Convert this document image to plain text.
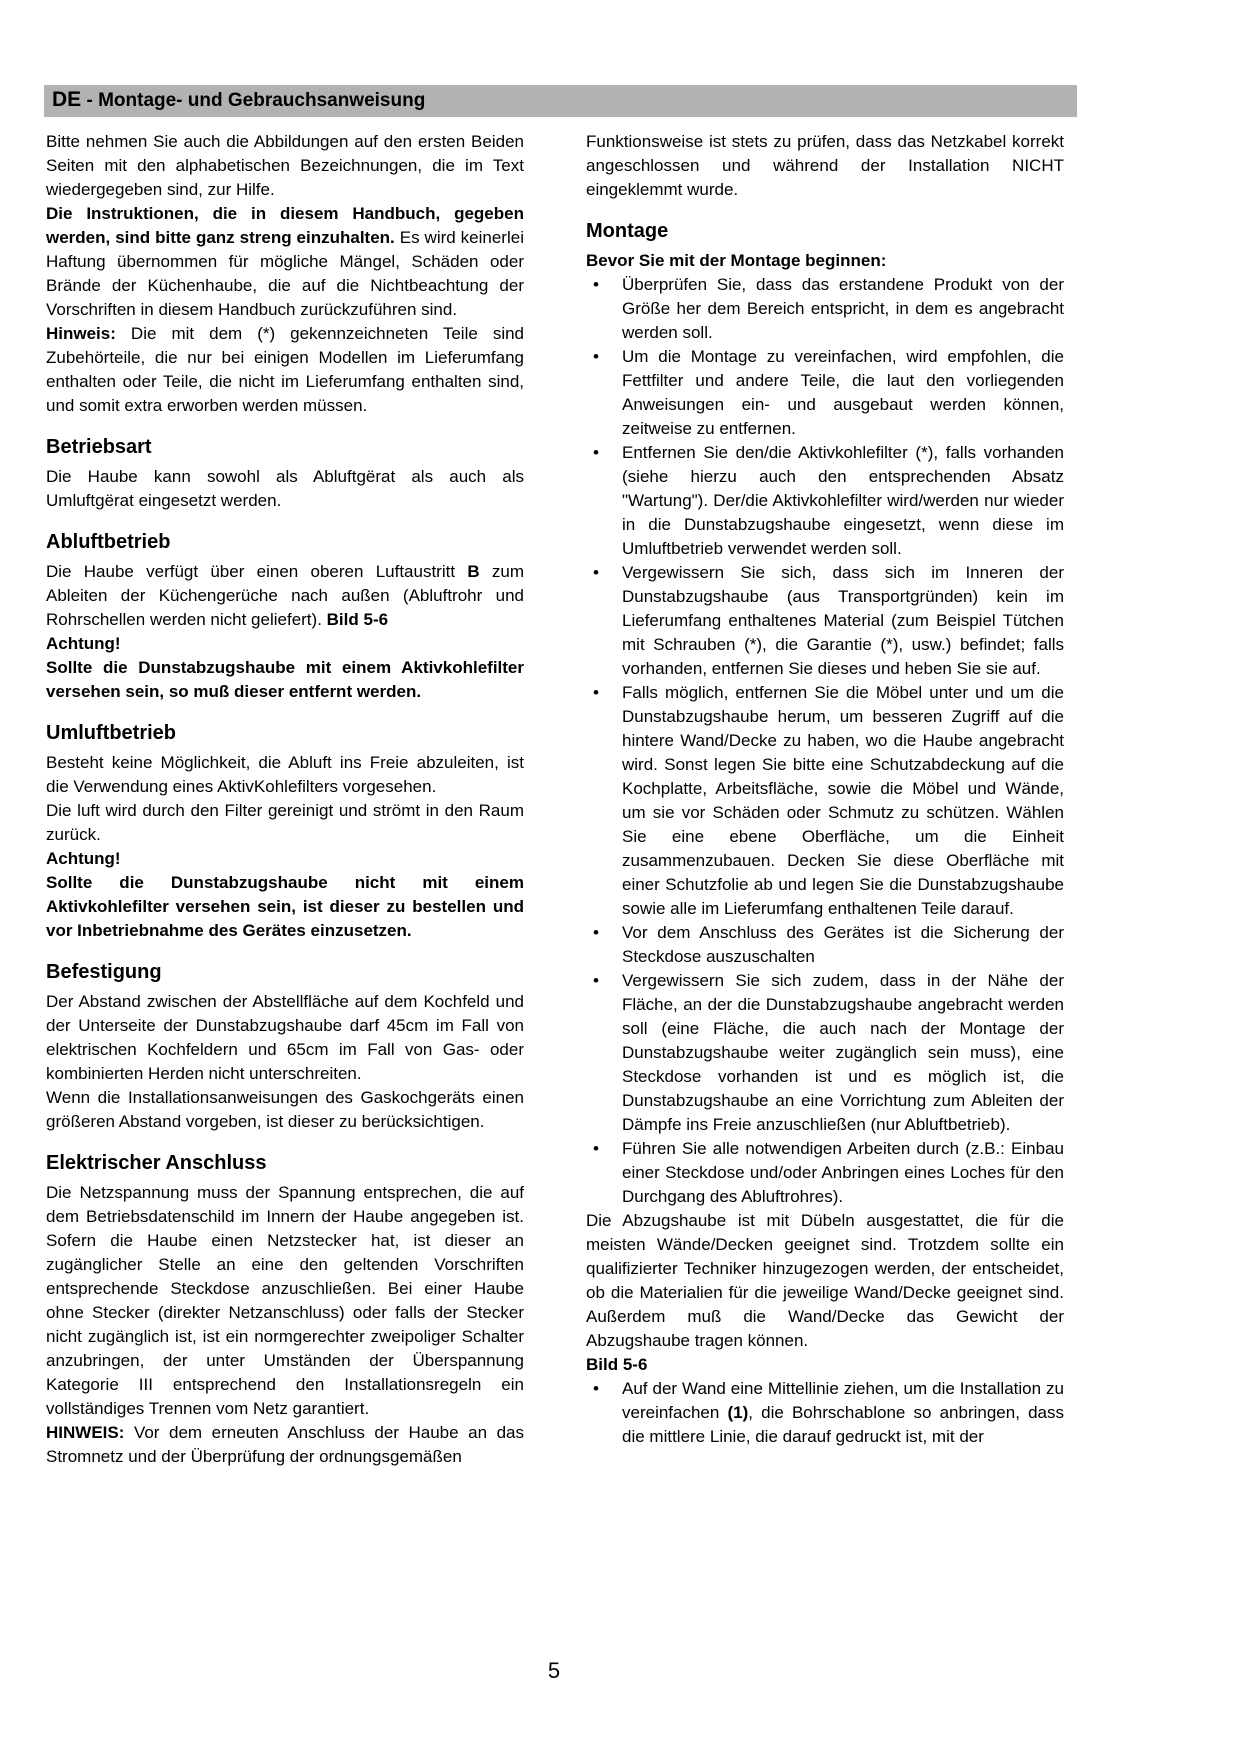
DE - Montage- und Gebrauchsanweisung

Bitte nehmen Sie auch die Abbildungen auf den ersten Beiden Seiten mit den alphabetischen Bezeichnungen, die im Text wiedergegeben sind, zur Hilfe.

Die Instruktionen, die in diesem Handbuch, gegeben werden, sind bitte ganz streng einzuhalten. Es wird keinerlei Haftung übernommen für mögliche Mängel, Schäden oder Brände der Küchenhaube, die auf die Nichtbeachtung der Vorschriften in diesem Handbuch zurückzuführen sind.

Hinweis: Die mit dem (*) gekennzeichneten Teile sind Zubehörteile, die nur bei einigen Modellen im Lieferumfang enthalten oder Teile, die nicht im Lieferumfang enthalten sind, und somit extra erworben werden müssen.

Betriebsart

Die Haube kann sowohl als Abluftgërat als auch als Umluftgërat eingesetzt werden.

Abluftbetrieb

Die Haube verfügt über einen oberen Luftaustritt B zum Ableiten der Küchengerüche nach außen (Abluftrohr und Rohrschellen werden nicht geliefert). Bild 5-6

Achtung!

Sollte die Dunstabzugshaube mit einem Aktivkohlefilter versehen sein, so muß dieser entfernt werden.

Umluftbetrieb

Besteht keine Möglichkeit, die Abluft ins Freie abzuleiten, ist die Verwendung eines AktivKohlefilters vorgesehen.

Die luft wird durch den Filter gereinigt und strömt in den Raum zurück.

Achtung!

Sollte die Dunstabzugshaube nicht mit einem Aktivkohlefilter versehen sein, ist dieser zu bestellen und vor Inbetriebnahme des Gerätes einzusetzen.

Befestigung

Der Abstand zwischen der Abstellfläche auf dem Kochfeld und der Unterseite der Dunstabzugshaube darf 45cm im Fall von elektrischen Kochfeldern und 65cm im Fall von Gas- oder kombinierten Herden nicht unterschreiten.

Wenn die Installationsanweisungen des Gaskochgeräts einen größeren Abstand vorgeben, ist dieser zu berücksichtigen.

Elektrischer Anschluss

Die Netzspannung muss der Spannung entsprechen, die auf dem Betriebsdatenschild im Innern der Haube angegeben ist. Sofern die Haube einen Netzstecker hat, ist dieser an zugänglicher Stelle an eine den geltenden Vorschriften entsprechende Steckdose anzuschließen. Bei einer Haube ohne Stecker (direkter Netzanschluss) oder falls der Stecker nicht zugänglich ist, ist ein normgerechter zweipoliger Schalter anzubringen, der unter Umständen der Überspannung Kategorie III entsprechend den Installationsregeln ein vollständiges Trennen vom Netz garantiert.

HINWEIS: Vor dem erneuten Anschluss der Haube an das Stromnetz und der Überprüfung der ordnungsgemäßen

Funktionsweise ist stets zu prüfen, dass das Netzkabel korrekt angeschlossen und während der Installation NICHT eingeklemmt wurde.

Montage

Bevor Sie mit der Montage beginnen:

•	Überprüfen Sie, dass das erstandene Produkt von der Größe her dem Bereich entspricht, in dem es angebracht werden soll.
•	Um die Montage zu vereinfachen, wird empfohlen, die Fettfilter und andere Teile, die laut den vorliegenden Anweisungen ein- und ausgebaut werden können, zeitweise zu entfernen.
•	Entfernen Sie den/die Aktivkohlefilter (*), falls vorhanden (siehe hierzu auch den entsprechenden Absatz "Wartung"). Der/die Aktivkohlefilter wird/werden nur wieder in die Dunstabzugshaube eingesetzt, wenn diese im Umluftbetrieb verwendet werden soll.
•	Vergewissern Sie sich, dass sich im Inneren der Dunstabzugshaube (aus Transportgründen) kein im Lieferumfang enthaltenes Material (zum Beispiel Tütchen mit Schrauben (*), die Garantie (*), usw.) befindet; falls vorhanden, entfernen Sie dieses und heben Sie sie auf.
•	Falls möglich, entfernen Sie die Möbel unter und um die Dunstabzugshaube herum, um besseren Zugriff auf die hintere Wand/Decke zu haben, wo die Haube angebracht wird. Sonst legen Sie bitte eine Schutzabdeckung auf die Kochplatte, Arbeitsfläche, sowie die Möbel und Wände, um sie vor Schäden oder Schmutz zu schützen. Wählen Sie eine ebene Oberfläche, um die Einheit zusammenzubauen. Decken Sie diese Oberfläche mit einer Schutzfolie ab und legen Sie die Dunstabzugshaube sowie alle im Lieferumfang enthaltenen Teile darauf.
•	Vor dem Anschluss des Gerätes ist die Sicherung der Steckdose auszuschalten
•	Vergewissern Sie sich zudem, dass in der Nähe der Fläche, an der die Dunstabzugshaube angebracht werden soll (eine Fläche, die auch nach der Montage der Dunstabzugshaube weiter zugänglich sein muss), eine Steckdose vorhanden ist und es möglich ist, die Dunstabzugshaube an eine Vorrichtung zum Ableiten der Dämpfe ins Freie anzuschließen (nur Abluftbetrieb).
•	Führen Sie alle notwendigen Arbeiten durch (z.B.: Einbau einer Steckdose und/oder Anbringen eines Loches für den Durchgang des Abluftrohres).

Die Abzugshaube ist mit Dübeln ausgestattet, die für die meisten Wände/Decken geeignet sind. Trotzdem sollte ein qualifizierter Techniker hinzugezogen werden, der entscheidet, ob die Materialien für die jeweilige Wand/Decke geeignet sind. Außerdem muß die Wand/Decke das Gewicht der Abzugshaube tragen können.

Bild 5-6

•	Auf der Wand eine Mittellinie ziehen, um die Installation zu vereinfachen (1), die Bohrschablone so anbringen, dass die mittlere Linie, die darauf gedruckt ist, mit der
5
